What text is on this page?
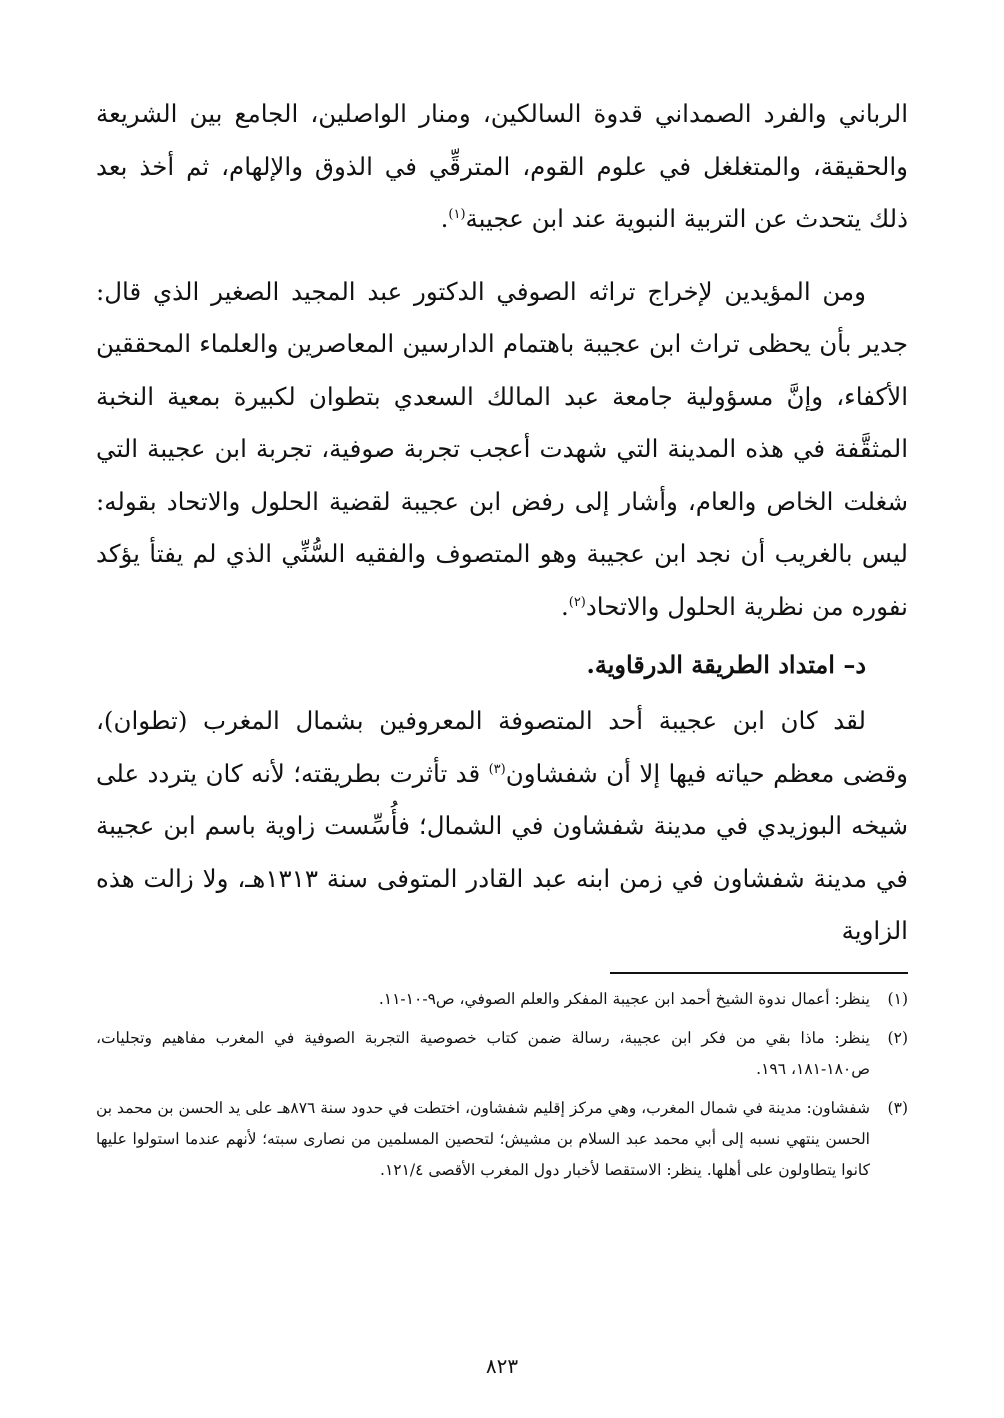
الرباني والفرد الصمداني قدوة السالكين، ومنار الواصلين، الجامع بين الشريعة والحقيقة، والمتغلغل في علوم القوم، المترقِّي في الذوق والإلهام، ثم أخذ بعد ذلك يتحدث عن التربية النبوية عند ابن عجيبة$^{(١)}$.

ومن المؤيدين لإخراج تراثه الصوفي الدكتور عبد المجيد الصغير الذي قال: جدير بأن يحظى تراث ابن عجيبة باهتمام الدارسين المعاصرين والعلماء المحققين الأكفاء، وإنَّ مسؤولية جامعة عبد المالك السعدي بتطوان لكبيرة بمعية النخبة المثقَّفة في هذه المدينة التي شهدت أعجب تجربة صوفية، تجربة ابن عجيبة التي شغلت الخاص والعام، وأشار إلى رفض ابن عجيبة لقضية الحلول والاتحاد بقوله: ليس بالغريب أن نجد ابن عجيبة وهو المتصوف والفقيه السُّنِّي الذي لم يفتأ يؤكد نفوره من نظرية الحلول والاتحاد$^{(٢)}$.

د– امتداد الطريقة الدرقاوية.

لقد كان ابن عجيبة أحد المتصوفة المعروفين بشمال المغرب (تطوان)، وقضى معظم حياته فيها إلا أن شفشاون$^{(٣)}$ قد تأثرت بطريقته؛ لأنه كان يتردد على شيخه البوزيدي في مدينة شفشاون في الشمال؛ فأُسِّست زاوية باسم ابن عجيبة في مدينة شفشاون في زمن ابنه عبد القادر المتوفى سنة ١٣١٣هـ، ولا زالت هذه الزاوية

(١)
ينظر: أعمال ندوة الشيخ أحمد ابن عجيبة المفكر والعلم الصوفي، ص٩-١٠-١١.
(٢)
ينظر: ماذا بقي من فكر ابن عجيبة، رسالة ضمن كتاب خصوصية التجربة الصوفية في المغرب مفاهيم وتجليات، ص١٨٠-١٨١، ١٩٦.
(٣)
شفشاون: مدينة في شمال المغرب، وهي مركز إقليم شفشاون، اختطت في حدود سنة ٨٧٦هـ على يد الحسن بن محمد بن الحسن ينتهي نسبه إلى أبي محمد عبد السلام بن مشيش؛ لتحصين المسلمين من نصارى سبته؛ لأنهم عندما استولوا عليها كانوا يتطاولون على أهلها. ينظر: الاستقصا لأخبار دول المغرب الأقصى ١٢١/٤.
٨٢٣
